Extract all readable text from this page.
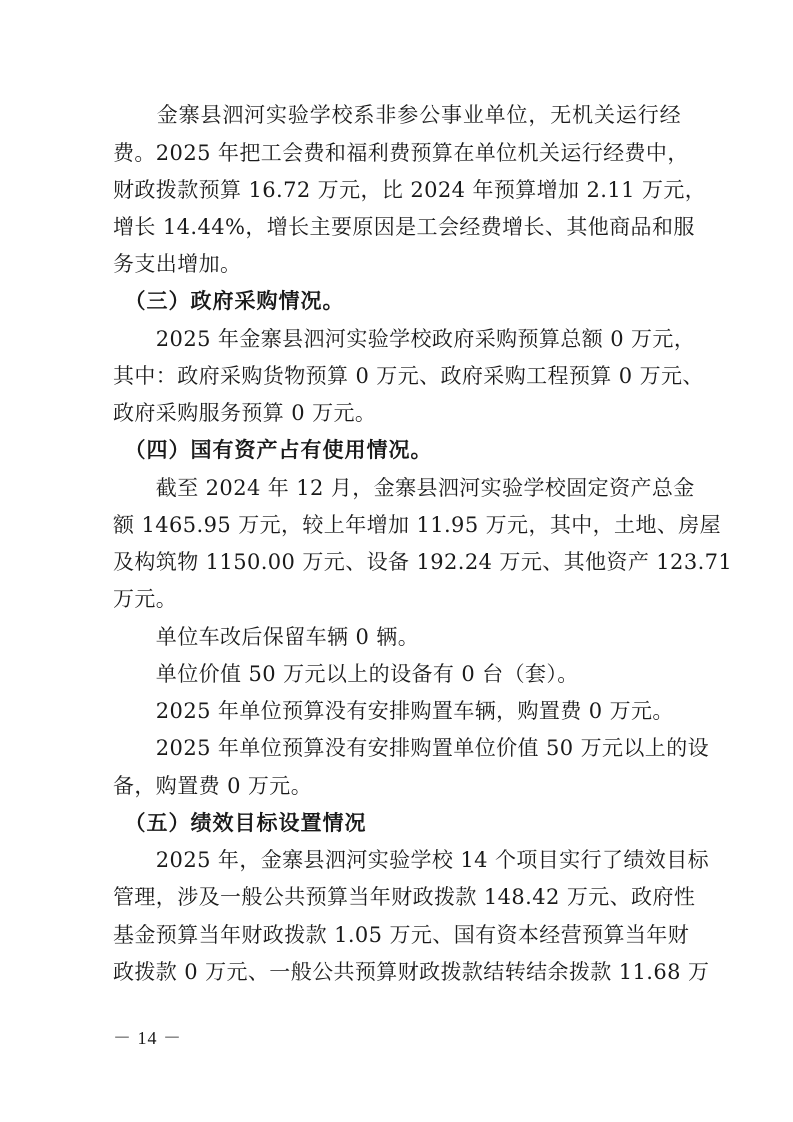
　　金寨县泗河实验学校系非参公事业单位，无机关运行经
费。2025 年把工会费和福利费预算在单位机关运行经费中，
财政拨款预算 16.72 万元，比 2024 年预算增加 2.11 万元，
增长 14.44%，增长主要原因是工会经费增长、其他商品和服
务支出增加。
　（三）政府采购情况。
　　2025 年金寨县泗河实验学校政府采购预算总额 0 万元，
其中：政府采购货物预算 0 万元、政府采购工程预算 0 万元、
政府采购服务预算 0 万元。
　（四）国有资产占有使用情况。
　　截至 2024 年 12 月，金寨县泗河实验学校固定资产总金
额 1465.95 万元，较上年增加 11.95 万元，其中，土地、房屋
及构筑物 1150.00 万元、设备 192.24 万元、其他资产 123.71
万元。
　　单位车改后保留车辆 0 辆。
　　单位价值 50 万元以上的设备有 0 台（套）。
　　2025 年单位预算没有安排购置车辆，购置费 0 万元。
　　2025 年单位预算没有安排购置单位价值 50 万元以上的设
备，购置费 0 万元。
　（五）绩效目标设置情况
　　2025 年，金寨县泗河实验学校 14 个项目实行了绩效目标
管理，涉及一般公共预算当年财政拨款 148.42 万元、政府性
基金预算当年财政拨款 1.05 万元、国有资本经营预算当年财
政拨款 0 万元、一般公共预算财政拨款结转结余拨款 11.68 万
－ 14 －
